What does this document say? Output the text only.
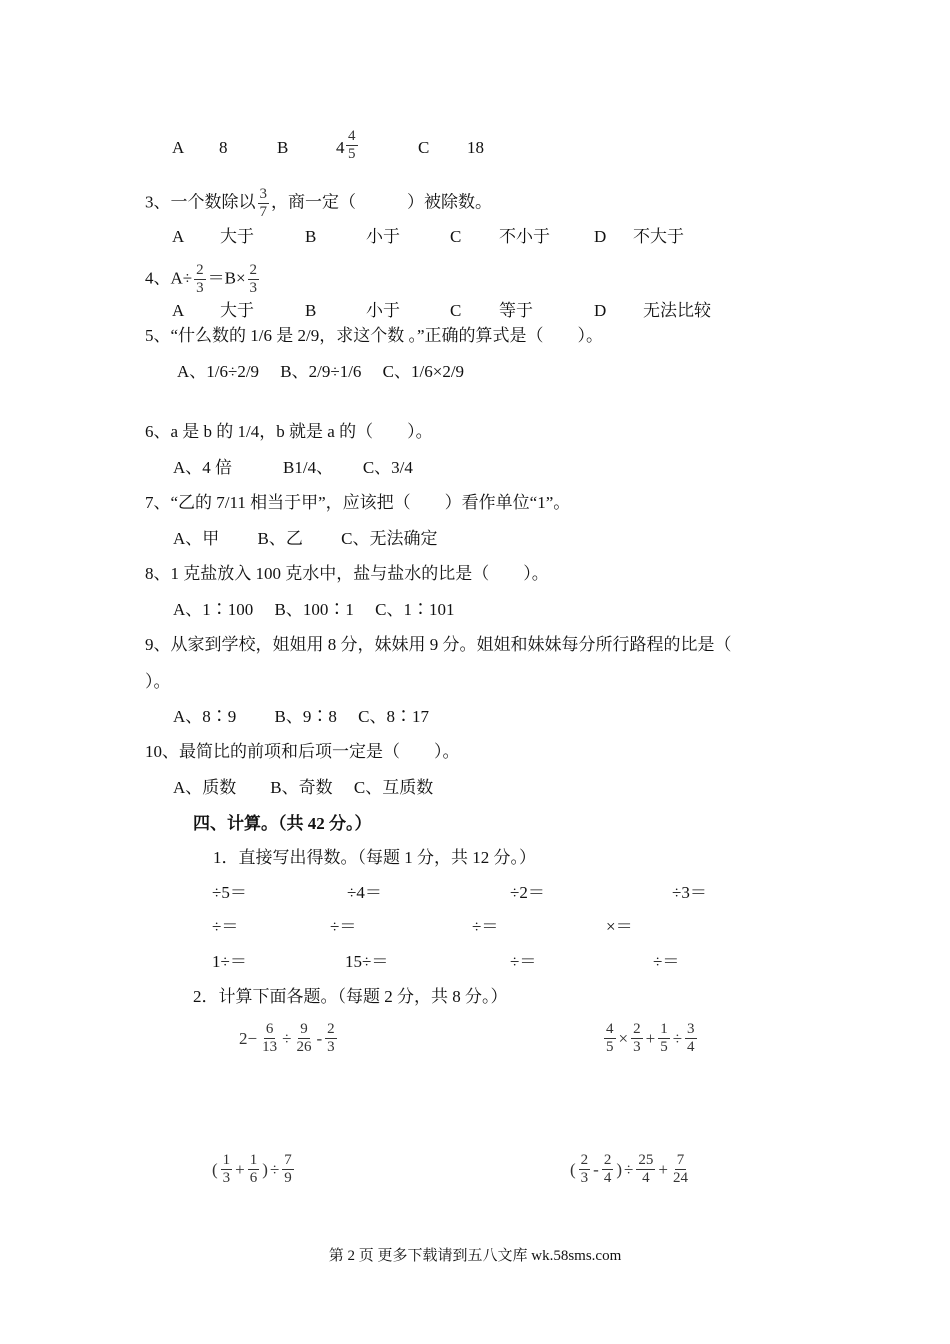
A 8	B	$4 \frac{4}{5}$	C 18
3、一个数除以 $\frac{3}{7}$ ，商一定（　　　）被除数。
A 大于	B	小于	C 不小于	D 不大于
4、$A\div \frac{2}{3} =B\times \frac{2}{3}$
A 大于	B	小于	C 等于	D 无法比较
5、“什么数的 1/6 是 2/9，求这个数 。”正确的算式是（　　）。
A、1/6÷2/9　 B、2/9÷1/6　 C、1/6×2/9
6、a 是 b 的 1/4，b 就是 a 的（　　）。
A、4 倍　　　B1/4、　　 C、3/4
7、“乙的 7/11 相当于甲”，应该把（　　）看作单位“1”。
A、甲　　 B、乙　　 C、无法确定
8、1 克盐放入 100 克水中，盐与盐水的比是（　　）。
A、1∶100　 B、100∶1　 C、1∶101
9、从家到学校，姐姐用 8 分，妹妹用 9 分。姐姐和妹妹每分所行路程的比是（
）。
A、8∶9　　 B、9∶8　 C、8∶17
10、最简比的前项和后项一定是（　　）。
A、质数　　B、奇数　 C、互质数
四、计算。（共 42 分。）
1．直接写出得数。（每题 1 分，共 12 分。）
÷5＝	÷4＝	÷2＝	÷3＝
÷＝	÷＝	÷＝	×＝
1÷＝	15÷＝	÷＝	÷＝
2．计算下面各题。（每题 2 分，共 8 分。）
$2- \frac{6}{13} \div \frac{9}{26} - \frac{2}{3}$	$\frac{4}{5} \times \frac{2}{3} + \frac{1}{5} \div \frac{3}{4}$
( $\frac{1}{3} + \frac{1}{6}$ ) ÷ $\frac{7}{9}$	( $\frac{2}{3} - \frac{2}{4}$ ) ÷ $\frac{25}{4} + \frac{7}{24}$
第 2 页 更多下载请到五八文库 wk.58sms.com
